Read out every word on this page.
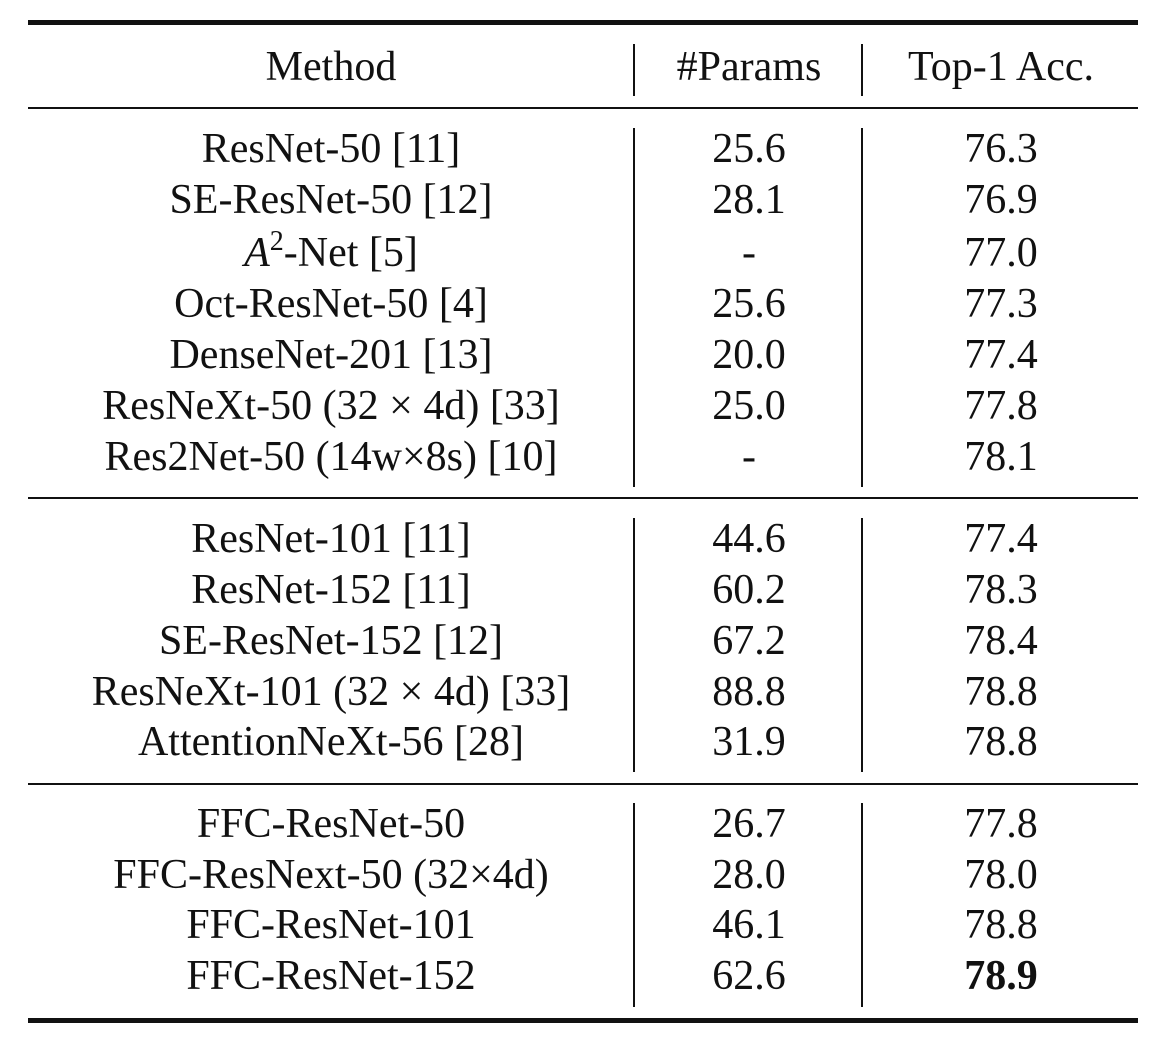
Method	#Params	Top-1 Acc.
ResNet-50 [11]	25.6	76.3
SE-ResNet-50 [12]	28.1	76.9
$A^2$-Net [5]	-	77.0
Oct-ResNet-50 [4]	25.6	77.3
DenseNet-201 [13]	20.0	77.4
ResNeXt-50 (32 × 4d) [33]	25.0	77.8
Res2Net-50 (14w×8s) [10]	-	78.1
ResNet-101 [11]	44.6	77.4
ResNet-152 [11]	60.2	78.3
SE-ResNet-152 [12]	67.2	78.4
ResNeXt-101 (32 × 4d) [33]	88.8	78.8
AttentionNeXt-56 [28]	31.9	78.8
FFC-ResNet-50	26.7	77.8
FFC-ResNext-50 (32×4d)	28.0	78.0
FFC-ResNet-101	46.1	78.8
FFC-ResNet-152	62.6	78.9
